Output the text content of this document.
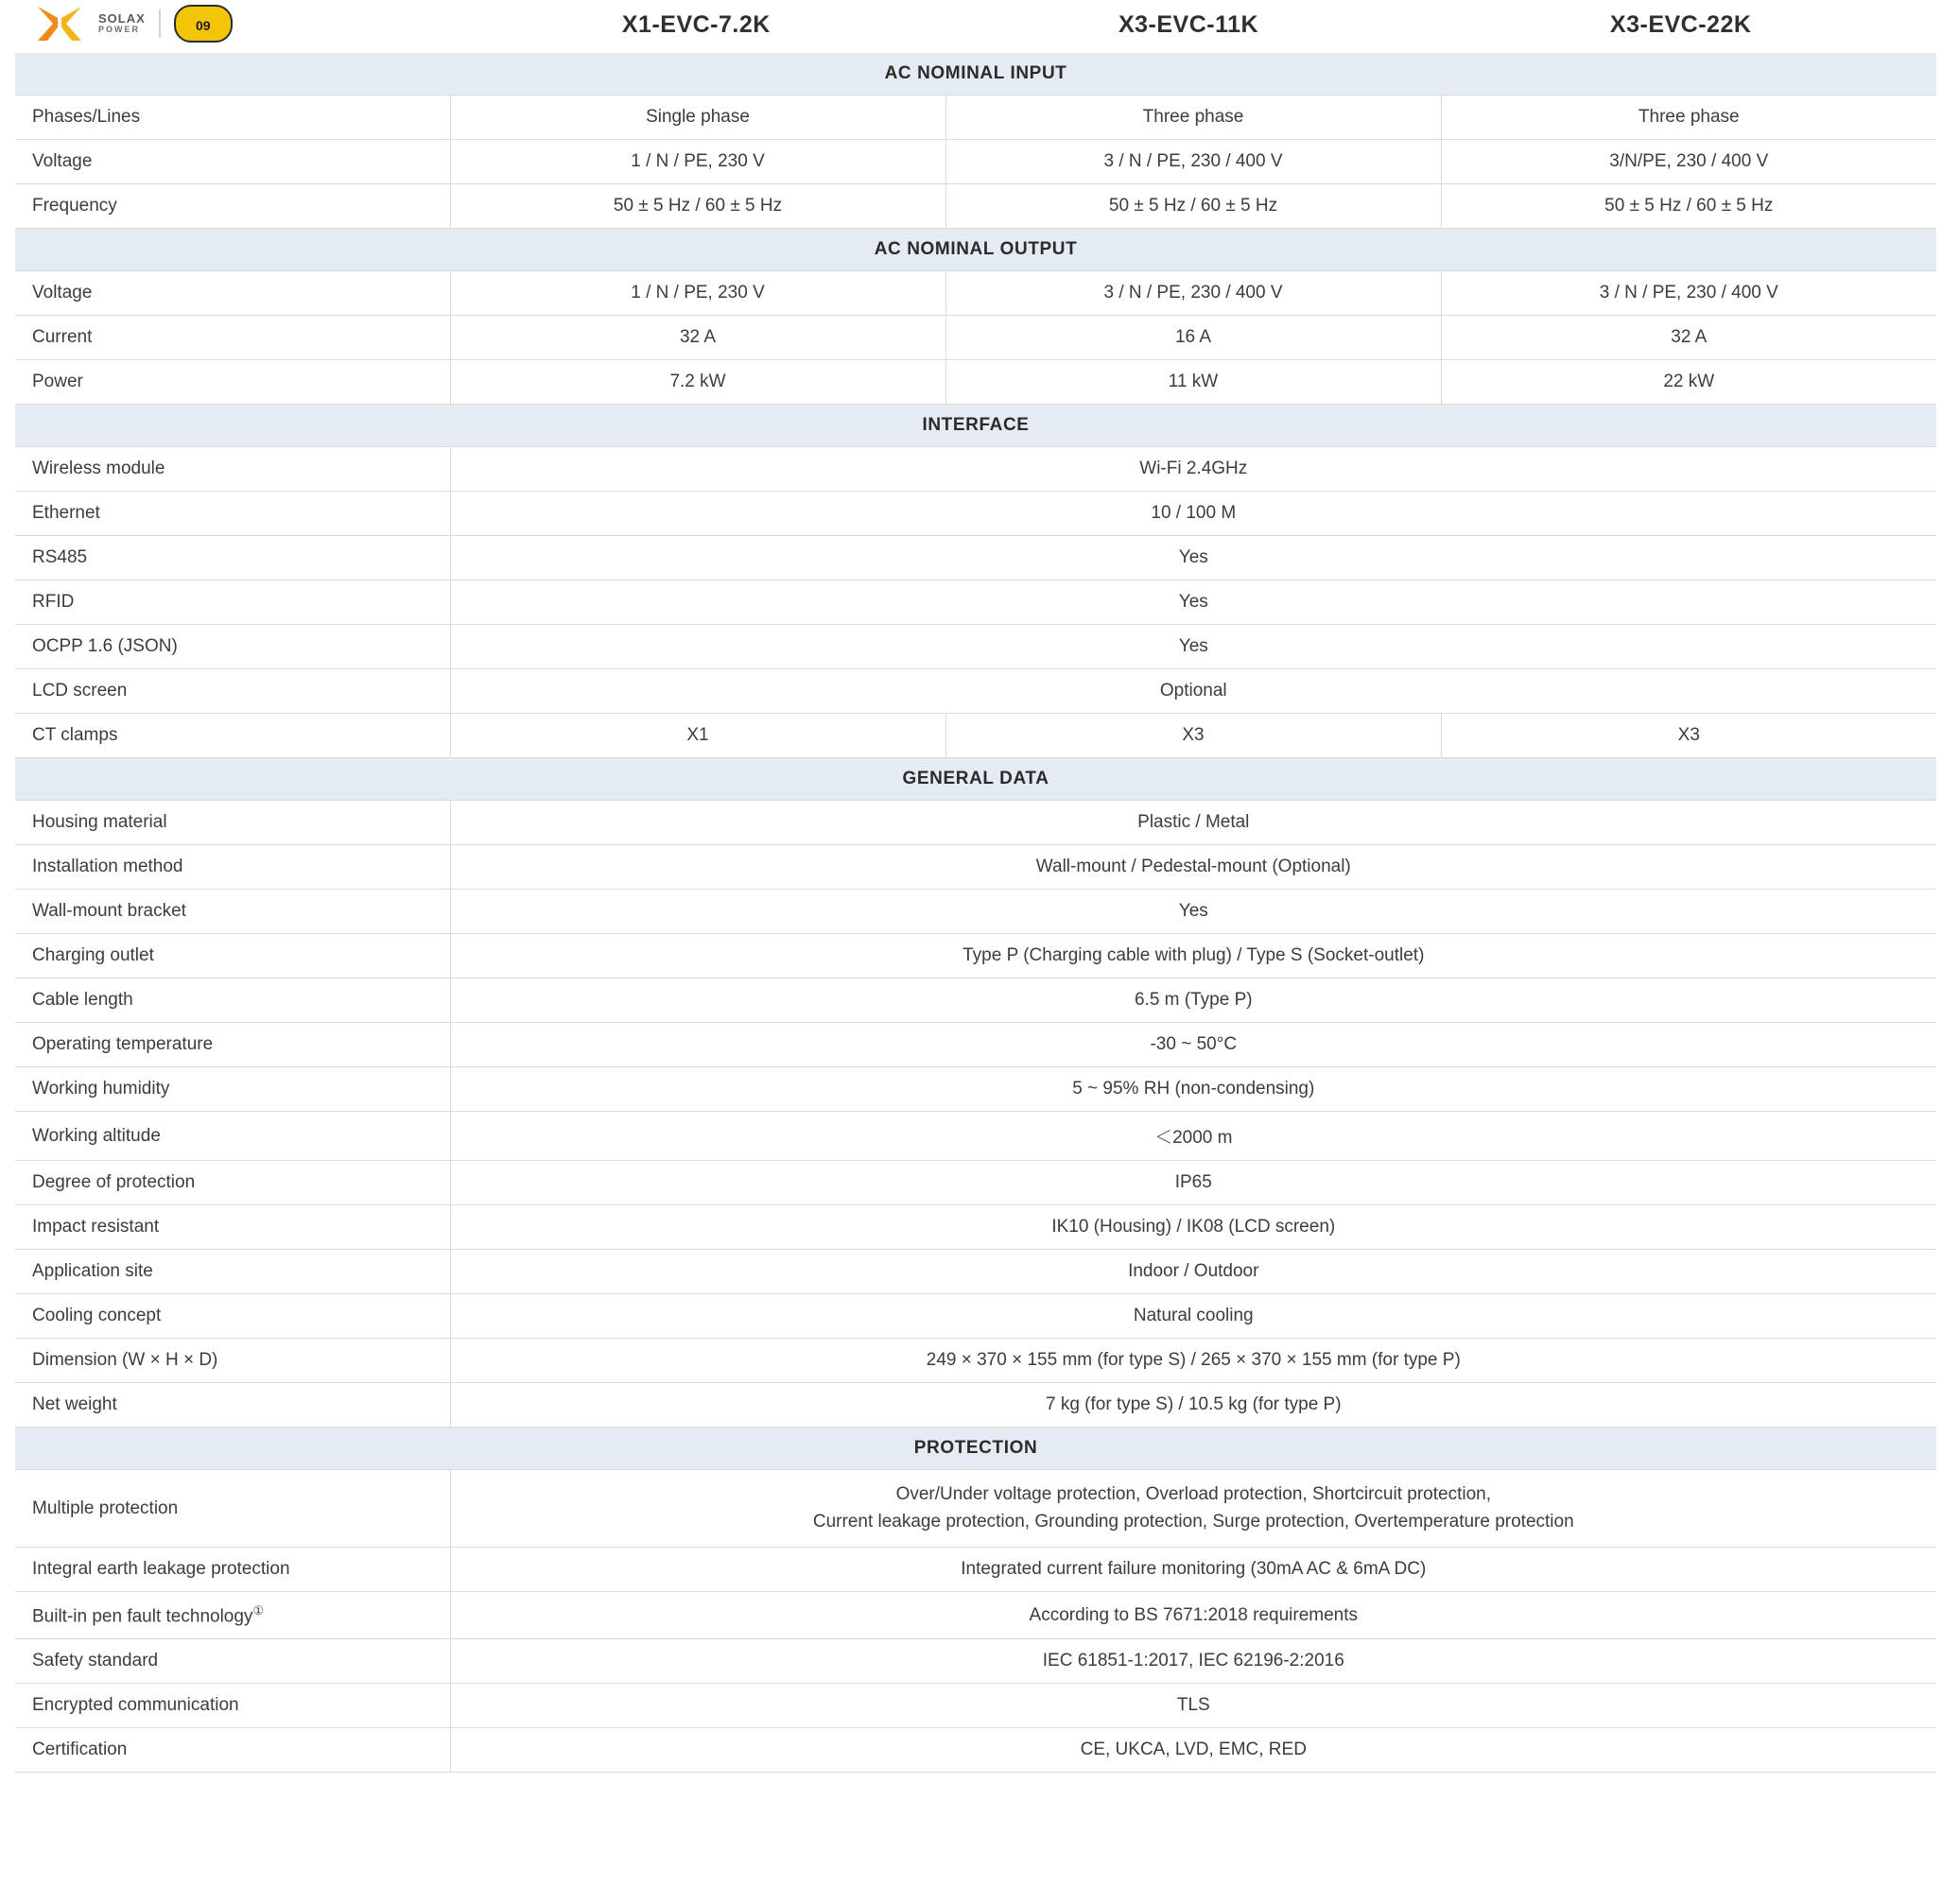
SOLAX
POWER	09	X1-EVC-7.2K	X3-EVC-11K	X3-EVC-22K
AC NOMINAL INPUT			
Phases/Lines	Single phase	Three phase	Three phase
Voltage	1 / N / PE, 230 V	3 / N / PE, 230 / 400 V	3/N/PE, 230 / 400 V
Frequency	50 ± 5 Hz / 60 ± 5 Hz	50 ± 5 Hz / 60 ± 5 Hz	50 ± 5 Hz / 60 ± 5 Hz
AC NOMINAL OUTPUT			
Voltage	1 / N / PE, 230 V	3 / N / PE, 230 / 400 V	3 / N / PE, 230 / 400 V
Current	32 A	16 A	32 A
Power	7.2 kW	11 kW	22 kW
INTERFACE			
Wireless module	Wi-Fi 2.4GHz		
Ethernet	10 / 100 M		
RS485	Yes		
RFID	Yes		
OCPP 1.6 (JSON)	Yes		
LCD screen	Optional		
CT clamps	X1	X3	X3
GENERAL DATA			
Housing material	Plastic / Metal		
Installation method	Wall-mount / Pedestal-mount (Optional)		
Wall-mount bracket	Yes		
Charging outlet	Type P (Charging cable with plug) / Type S (Socket-outlet)		
Cable length	6.5 m (Type P)		
Operating temperature	-30 ~ 50°C		
Working humidity	5 ~ 95% RH (non-condensing)		
Working altitude	＜2000 m		
Degree of protection	IP65		
Impact resistant	IK10 (Housing) / IK08 (LCD screen)		
Application site	Indoor / Outdoor		
Cooling concept	Natural cooling		
Dimension (W × H × D)	249 × 370 × 155 mm (for type S) / 265 × 370 × 155 mm (for type P)		
Net weight	7 kg (for type S) / 10.5 kg (for type P)		
PROTECTION			
Multiple protection	Over/Under voltage protection, Overload protection, Shortcircuit protection,
Current leakage protection, Grounding protection, Surge protection, Overtemperature protection		

Integral earth leakage protection	Integrated current failure monitoring (30mA AC & 6mA DC)		
Built-in pen fault technology①	According to BS 7671:2018 requirements		
Safety standard	IEC 61851-1:2017, IEC 62196-2:2016		
Encrypted communication	TLS		
Certification	CE, UKCA, LVD, EMC, RED		
